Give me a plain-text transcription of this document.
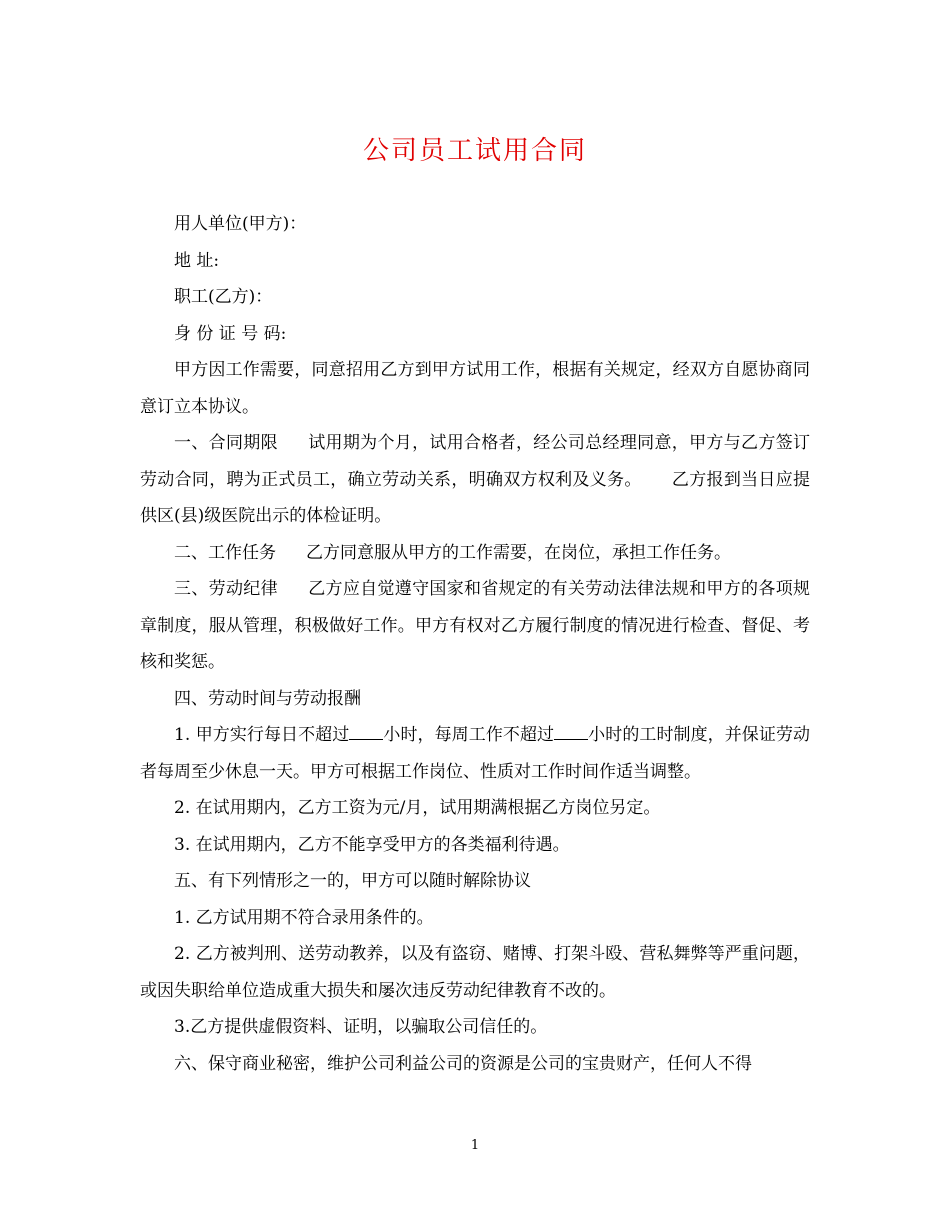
公司员工试用合同

用人单位(甲方)：

地 址:

职工(乙方)：

身 份 证 号 码:

甲方因工作需要，同意招用乙方到甲方试用工作，根据有关规定，经双方自愿协商同意订立本协议。

一、合同期限 试用期为个月，试用合格者，经公司总经理同意，甲方与乙方签订劳动合同，聘为正式员工，确立劳动关系，明确双方权利及义务。 乙方报到当日应提供区(县)级医院出示的体检证明。

二、工作任务 乙方同意服从甲方的工作需要，在岗位，承担工作任务。

三、劳动纪律 乙方应自觉遵守国家和省规定的有关劳动法律法规和甲方的各项规章制度，服从管理，积极做好工作。甲方有权对乙方履行制度的情况进行检查、督促、考核和奖惩。

四、劳动时间与劳动报酬

1. 甲方实行每日不超过 小时，每周工作不超过 小时的工时制度，并保证劳动者每周至少休息一天。甲方可根据工作岗位、性质对工作时间作适当调整。

2. 在试用期内，乙方工资为元/月，试用期满根据乙方岗位另定。

3. 在试用期内，乙方不能享受甲方的各类福利待遇。

五、有下列情形之一的，甲方可以随时解除协议

1. 乙方试用期不符合录用条件的。

2. 乙方被判刑、送劳动教养，以及有盗窃、赌博、打架斗殴、营私舞弊等严重问题，或因失职给单位造成重大损失和屡次违反劳动纪律教育不改的。

3.乙方提供虚假资料、证明，以骗取公司信任的。

六、保守商业秘密，维护公司利益公司的资源是公司的宝贵财产，任何人不得

1
